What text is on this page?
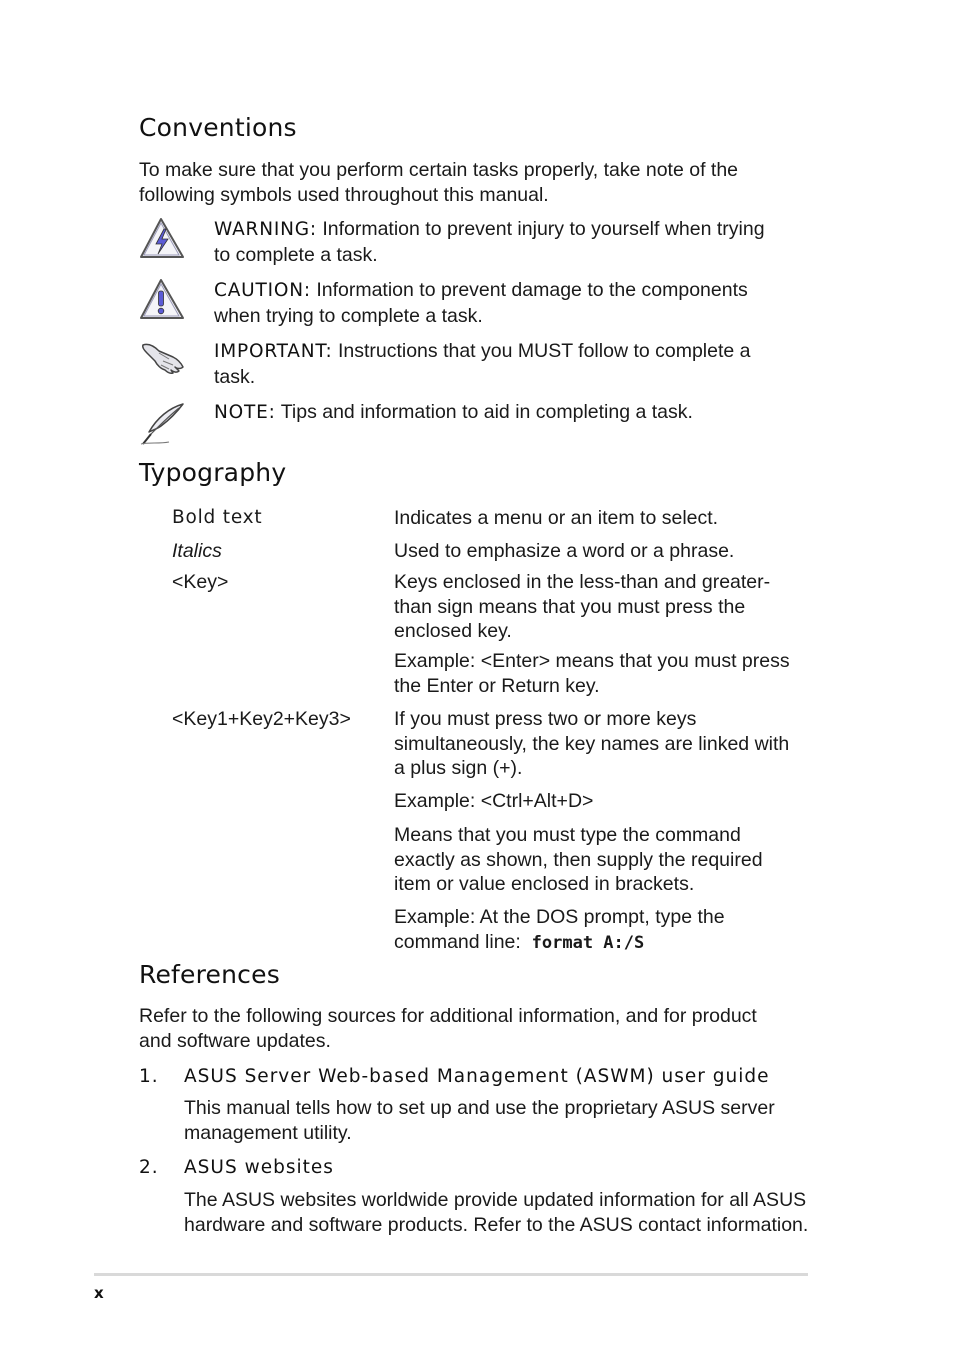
Conventions
To make sure that you perform certain tasks properly, take note of the
following symbols used throughout this manual.
WARNING: Information to prevent injury to yourself when trying
to complete a task.
CAUTION: Information to prevent damage to the components
when trying to complete a task.
IMPORTANT: Instructions that you MUST follow to complete a
task.
NOTE: Tips and information to aid in completing a task.
Typography
Bold text	Indicates a menu or an item to select.
Italics	Used to emphasize a word or a phrase.
<Key>	Keys enclosed in the less-than and greater-
than sign means that you must press the
enclosed key.
Example: <Enter> means that you must press
the Enter or Return key.
<Key1+Key2+Key3> If you must press two or more keys
simultaneously, the key names are linked with
a plus sign (+).
Example: <Ctrl+Alt+D>
Means that you must type the command
exactly as shown, then supply the required
item or value enclosed in brackets.
Example: At the DOS prompt, type the
command line: format A:/S
References
Refer to the following sources for additional information, and for product
and software updates.
1. ASUS Server Web-based Management (ASWM) user guide
This manual tells how to set up and use the proprietary ASUS server
management utility.
2. ASUS websites
The ASUS websites worldwide provide updated information for all ASUS
hardware and software products. Refer to the ASUS contact information.
x
